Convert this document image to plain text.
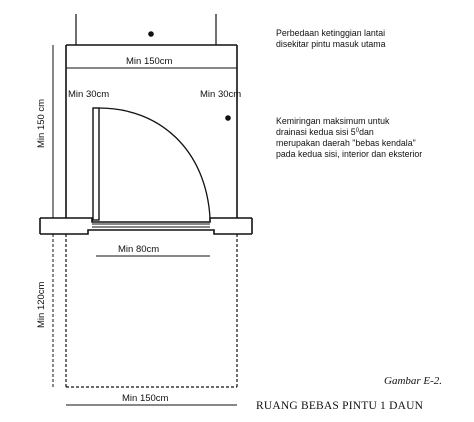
Min 150cm
Min 30cm	Min 30cm
Min 80cm
Min 150cm
Min 150 cm
Min 120cm
Perbedaan ketinggian lantai
disekitar pintu masuk utama
Kemiringan maksimum untuk
drainasi kedua sisi $5^0dan$
merupakan daerah "bebas kendala"
pada kedua sisi, interior dan eksterior
Gambar E-2.
RUANG BEBAS PINTU 1 DAUN
